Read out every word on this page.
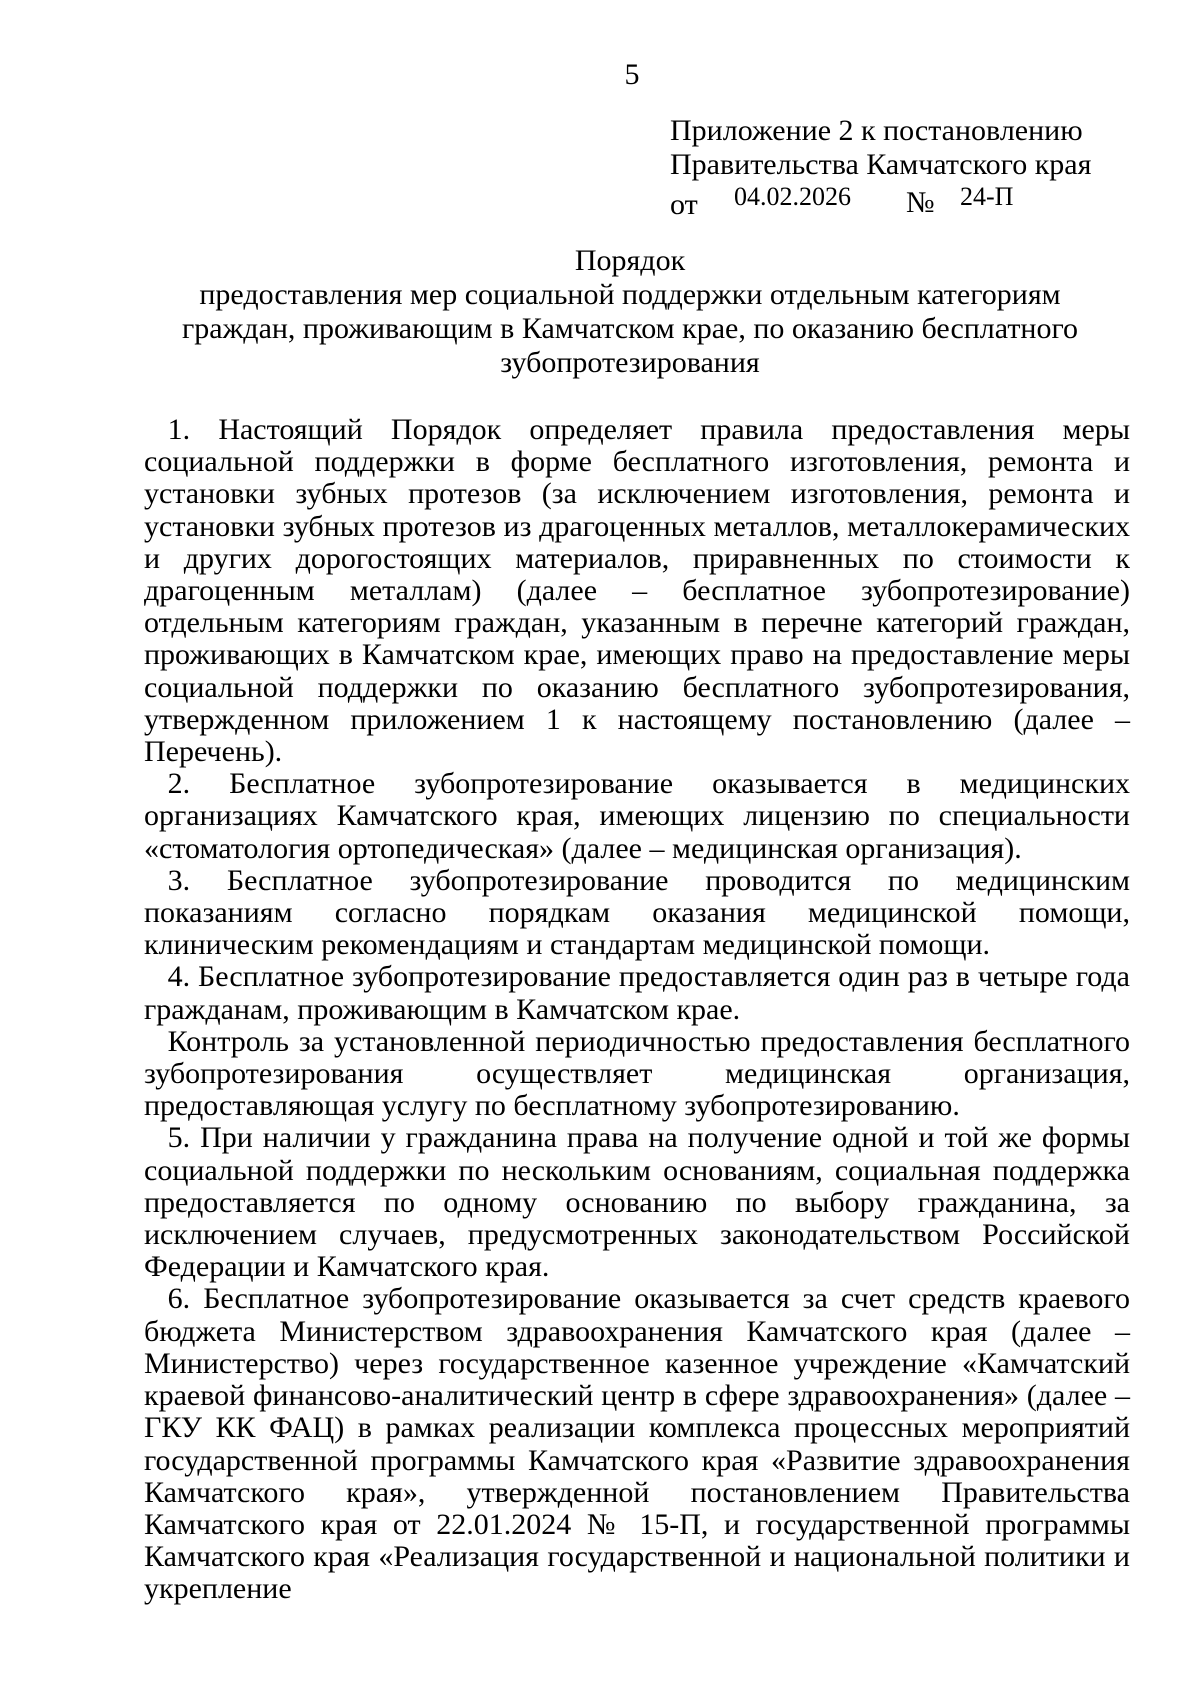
5
Приложение 2 к постановлению
Правительства Камчатского края
от 04.02.2026 № 24-П
Порядок
предоставления мер социальной поддержки отдельным категориям граждан, проживающим в Камчатском крае, по оказанию бесплатного зубопротезирования

1. Настоящий Порядок определяет правила предоставления меры социальной поддержки в форме бесплатного изготовления, ремонта и установки зубных протезов (за исключением изготовления, ремонта и установки зубных протезов из драгоценных металлов, металлокерамических и других дорогостоящих материалов, приравненных по стоимости к драгоценным металлам) (далее – бесплатное зубопротезирование) отдельным категориям граждан, указанным в перечне категорий граждан, проживающих в Камчатском крае, имеющих право на предоставление меры социальной поддержки по оказанию бесплатного зубопротезирования, утвержденном приложением 1 к настоящему постановлению (далее – Перечень).

2. Бесплатное зубопротезирование оказывается в медицинских организациях Камчатского края, имеющих лицензию по специальности «стоматология ортопедическая» (далее – медицинская организация).

3. Бесплатное зубопротезирование проводится по медицинским показаниям согласно порядкам оказания медицинской помощи, клиническим рекомендациям и стандартам медицинской помощи.

4. Бесплатное зубопротезирование предоставляется один раз в четыре года гражданам, проживающим в Камчатском крае.

Контроль за установленной периодичностью предоставления бесплатного зубопротезирования осуществляет медицинская организация, предоставляющая услугу по бесплатному зубопротезированию.

5. При наличии у гражданина права на получение одной и той же формы социальной поддержки по нескольким основаниям, социальная поддержка предоставляется по одному основанию по выбору гражданина, за исключением случаев, предусмотренных законодательством Российской Федерации и Камчатского края.

6. Бесплатное зубопротезирование оказывается за счет средств краевого бюджета Министерством здравоохранения Камчатского края (далее – Министерство) через государственное казенное учреждение «Камчатский краевой финансово-аналитический центр в сфере здравоохранения» (далее – ГКУ КК ФАЦ) в рамках реализации комплекса процессных мероприятий государственной программы Камчатского края «Развитие здравоохранения Камчатского края», утвержденной постановлением Правительства Камчатского края от 22.01.2024 № 15-П, и государственной программы Камчатского края «Реализация государственной и национальной политики и укрепление
